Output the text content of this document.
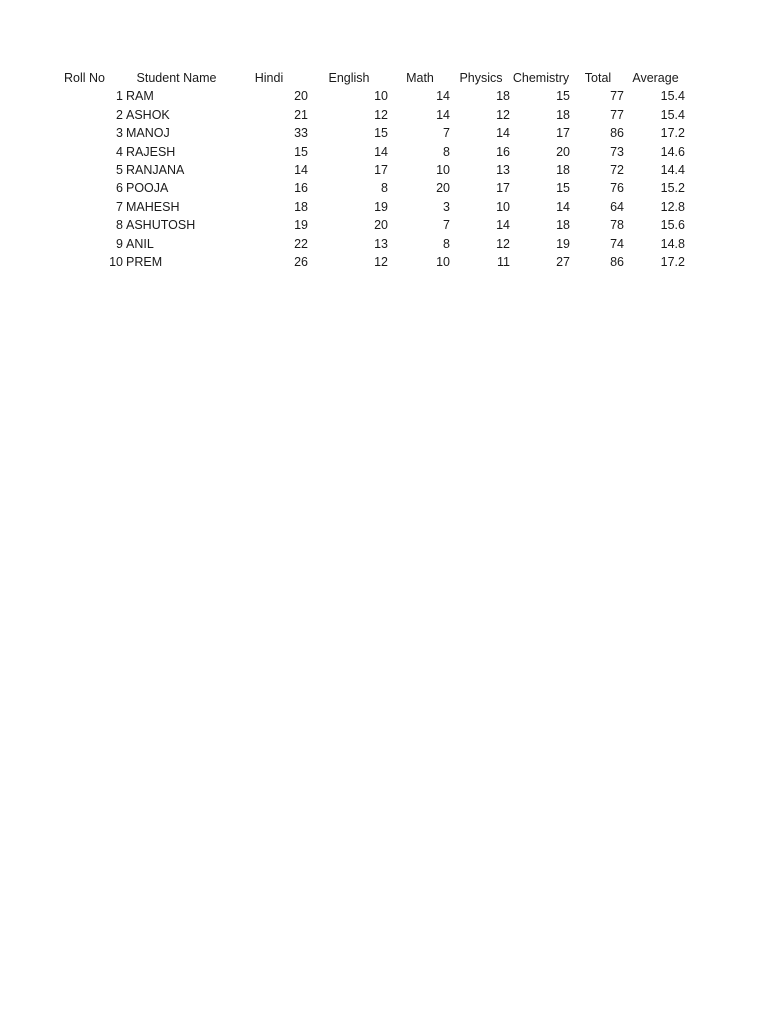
Roll No	Student Name	Hindi	English	Math	Physics	Chemistry	Total	Average
1	RAM	20	10	14	18	15	77	15.4
2	ASHOK	21	12	14	12	18	77	15.4
3	MANOJ	33	15	7	14	17	86	17.2
4	RAJESH	15	14	8	16	20	73	14.6
5	RANJANA	14	17	10	13	18	72	14.4
6	POOJA	16	8	20	17	15	76	15.2
7	MAHESH	18	19	3	10	14	64	12.8
8	ASHUTOSH	19	20	7	14	18	78	15.6
9	ANIL	22	13	8	12	19	74	14.8
10	PREM	26	12	10	11	27	86	17.2
